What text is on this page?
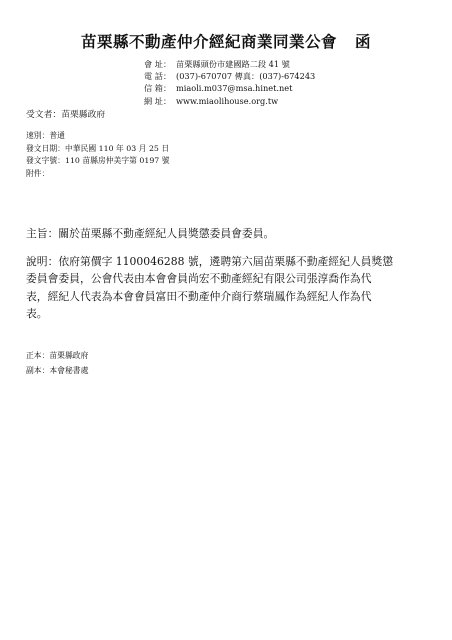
苗栗縣不動產仲介經紀商業同業公會 函
會 址： 苗栗縣頭份市建國路二段 41 號
電 話： (037)-670707 傳真：(037)-674243
信 箱： miaoli.m037@msa.hinet.net
網 址： www.miaolihouse.org.tw
受文者：苗栗縣政府
速別：普通
發文日期：中華民國 110 年 03 月 25 日
發文字號：110 苗縣房仲美字第 0197 號
附件：
主旨：關於苗栗縣不動產經紀人員獎懲委員會委員。
說明：依府第價字 1100046288 號，遴聘第六屆苗栗縣不動產經紀人員獎懲
委員會委員，公會代表由本會會員尚宏不動產經紀有限公司張淳喬作為代
表，經紀人代表為本會會員富田不動產仲介商行蔡瑞鳳作為經紀人作為代
表。
正本：苗栗縣政府
副本：本會秘書處
